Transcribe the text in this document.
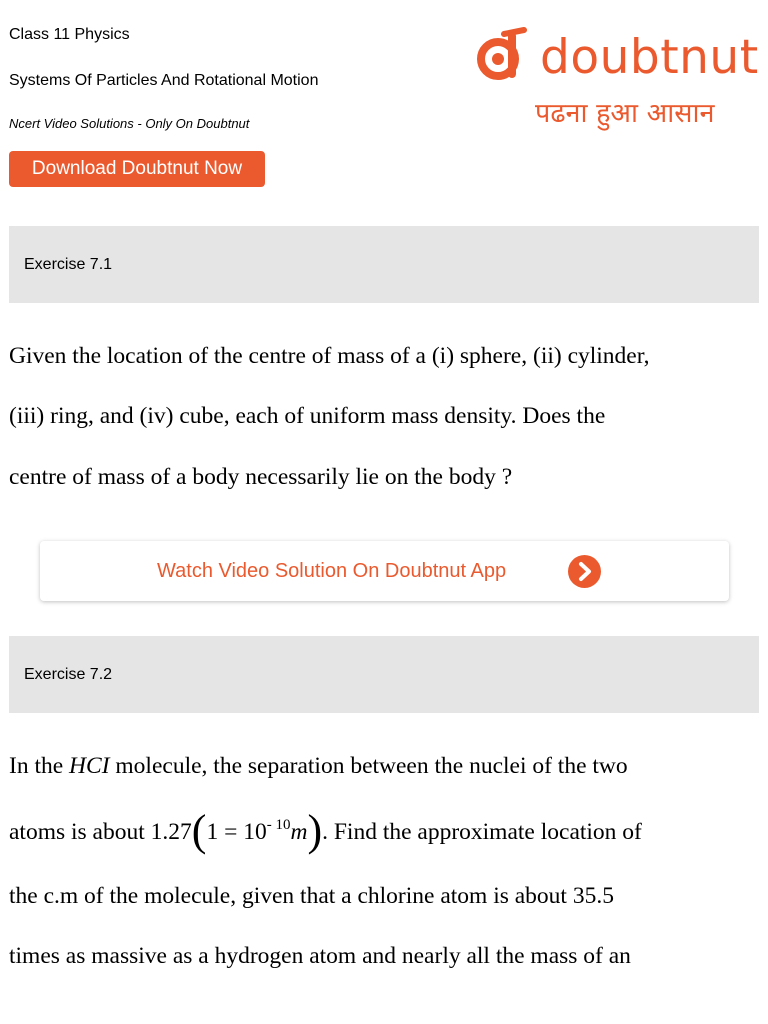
Class 11 Physics
Systems Of Particles And Rotational Motion
Ncert Video Solutions - Only On Doubtnut
Download Doubtnut Now
doubtnut
पढना हुआ आसान
Exercise 7.1
Given the location of the centre of mass of a (i) sphere, (ii) cylinder,
(iii) ring, and (iv) cube, each of uniform mass density. Does the
centre of mass of a body necessarily lie on the body ?
Watch Video Solution On Doubtnut App
Exercise 7.2
In the HCI molecule, the separation between the nuclei of the two
atoms is about $1.27(1 = 10^{- 10}m)$. Find the approximate location of
the c.m of the molecule, given that a chlorine atom is about 35.5
times as massive as a hydrogen atom and nearly all the mass of an
